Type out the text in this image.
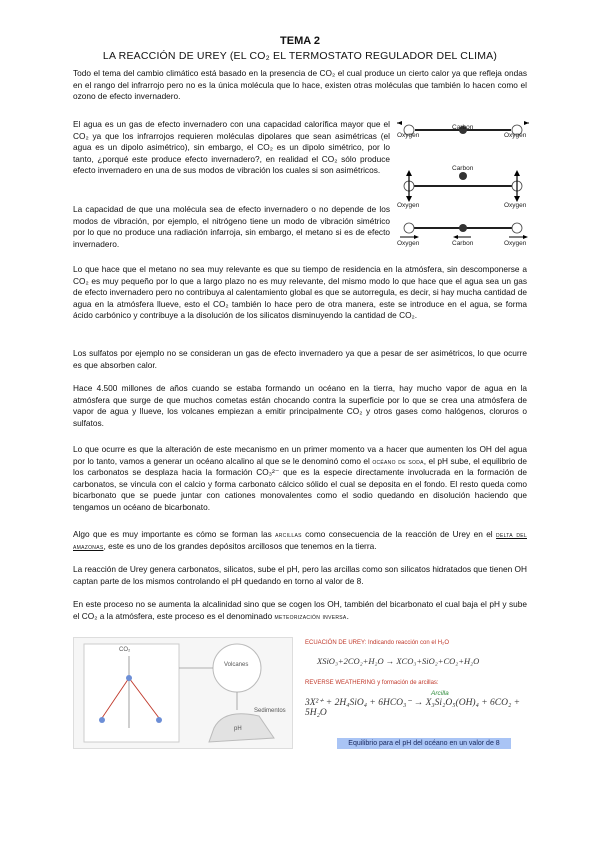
TEMA 2
LA REACCIÓN DE UREY (EL CO₂ EL TERMOSTATO REGULADOR DEL CLIMA)

Todo el tema del cambio climático está basado en la presencia de CO₂ el cual produce un cierto calor ya que refleja ondas en el rango del infrarrojo pero no es la única molécula que lo hace, existen otras moléculas que también lo hacen como el ozono de efecto invernadero.

El agua es un gas de efecto invernadero con una capacidad calorífica mayor que el CO₂ ya que los infrarrojos requieren moléculas dipolares que sean asimétricas (el agua es un dipolo asimétrico), sin embargo, el CO₂ es un dipolo simétrico, por lo tanto, ¿porqué este produce efecto invernadero?, en realidad el CO₂ sólo produce efecto invernadero en una de sus modos de vibración los cuales si son asimétricos.

La capacidad de que una molécula sea de efecto invernadero o no depende de los modos de vibración, por ejemplo, el nitrógeno tiene un modo de vibración simétrico por lo que no produce una radiación infarroja, sin embargo, el metano si es de efecto invernadero.

Carbon
Oxygen	Oxygen
Carbon
Oxygen	Oxygen
Carbon
Oxygen	Oxygen

Lo que hace que el metano no sea muy relevante es que su tiempo de residencia en la atmósfera, sin descomponerse a CO₂ es muy pequeño por lo que a largo plazo no es muy relevante, del mismo modo lo que hace que el agua sea un gas de efecto invernadero pero no contribuya al calentamiento global es que se autorregula, es decir, si hay mucha cantidad de agua en la atmósfera llueve, esto el CO₂ también lo hace pero de otra manera, este se introduce en el agua, se forma ácido carbónico y contribuye a la disolución de los silicatos disminuyendo la cantidad de CO₂.

Los sulfatos por ejemplo no se consideran un gas de efecto invernadero ya que a pesar de ser asimétricos, lo que ocurre es que absorben calor.

Hace 4.500 millones de años cuando se estaba formando un océano en la tierra, hay mucho vapor de agua en la atmósfera que surge de que muchos cometas están chocando contra la superficie por lo que se crea una atmósfera de vapor de agua y llueve, los volcanes empiezan a emitir principalmente CO₂ y otros gases como halógenos, cloruros o sulfatos.

Lo que ocurre es que la alteración de este mecanismo en un primer momento va a hacer que aumenten los OH del agua por lo tanto, vamos a generar un océano alcalino al que se le denominó como el océano de soda, el pH sube, el equilibrio de los carbonatos se desplaza hacia la formación CO₃²⁻ que es la especie directamente involucrada en la formación de carbonatos, se vincula con el calcio y forma carbonato cálcico sólido el cual se deposita en el fondo. El resto queda como bicarbonato que se puede juntar con cationes monovalentes como el sodio quedando en disolución haciendo que tengamos un océano de bicarbonato.

Algo que es muy importante es cómo se forman las arcillas como consecuencia de la reacción de Urey en el delta del amazonas, este es uno de los grandes depósitos arcillosos que tenemos en la tierra.

La reacción de Urey genera carbonatos, silicatos, sube el pH, pero las arcillas como son silicatos hidratados que tienen OH captan parte de los mismos controlando el pH quedando en torno al valor de 8.

En este proceso no se aumenta la alcalinidad sino que se cogen los OH, también del bicarbonato el cual baja el pH y sube el CO₂ a la atmósfera, este proceso es el denominado meteorización inversa.

CO₂
Sedimentos
pH
Volcanes
ECUACIÓN DE UREY: Indicando reacción con el H₂O
XSiO₃+2CO₂+H₂O → XCO₃+SiO₂+CO₂+H₂O
REVERSE WEATHERING y formación de arcillas:
Arcilla
3X²⁺ + 2H₄SiO₄ + 6HCO₃⁻ → X₃Si₂O₅(OH)₄ + 6CO₂ + 5H₂O
Equilibrio para el pH del océano en un valor de 8
